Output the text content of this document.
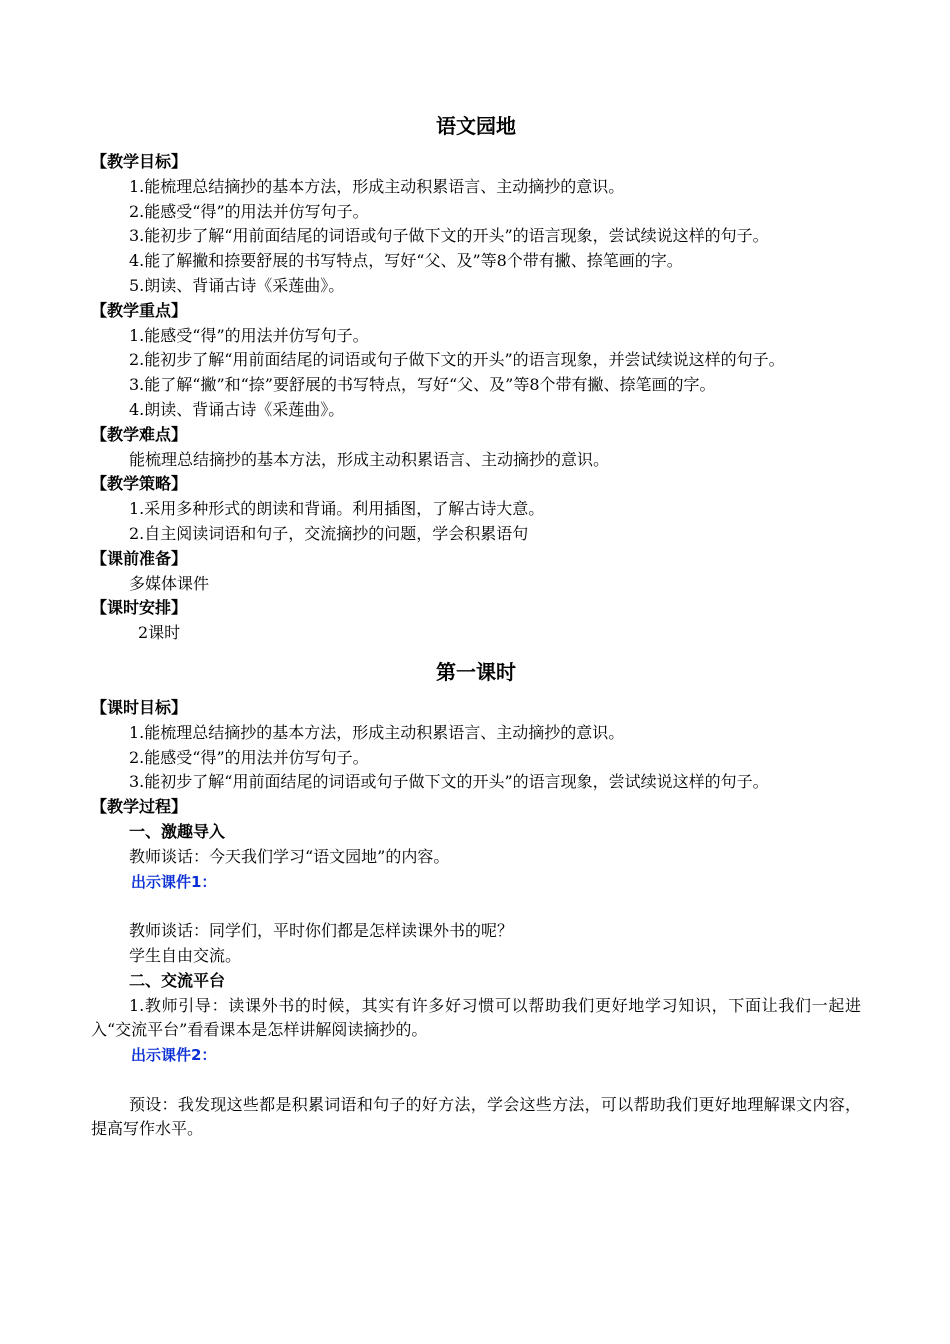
语文园地

【教学目标】

1.能梳理总结摘抄的基本方法，形成主动积累语言、主动摘抄的意识。

2.能感受“得”的用法并仿写句子。

3.能初步了解“用前面结尾的词语或句子做下文的开头”的语言现象，尝试续说这样的句子。

4.能了解撇和捺要舒展的书写特点，写好“父、及”等8个带有撇、捺笔画的字。

5.朗读、背诵古诗《采莲曲》。

【教学重点】

1.能感受“得”的用法并仿写句子。

2.能初步了解“用前面结尾的词语或句子做下文的开头”的语言现象，并尝试续说这样的句子。

3.能了解“撇”和“捺”要舒展的书写特点，写好“父、及”等8个带有撇、捺笔画的字。

4.朗读、背诵古诗《采莲曲》。

【教学难点】

能梳理总结摘抄的基本方法，形成主动积累语言、主动摘抄的意识。

【教学策略】

1.采用多种形式的朗读和背诵。利用插图，了解古诗大意。

2.自主阅读词语和句子，交流摘抄的问题，学会积累语句

【课前准备】

多媒体课件

【课时安排】

2课时

第一课时

【课时目标】

1.能梳理总结摘抄的基本方法，形成主动积累语言、主动摘抄的意识。

2.能感受“得”的用法并仿写句子。

3.能初步了解“用前面结尾的词语或句子做下文的开头”的语言现象，尝试续说这样的句子。

【教学过程】

一、激趣导入

教师谈话：今天我们学习“语文园地”的内容。

出示课件1：

教师谈话：同学们，平时你们都是怎样读课外书的呢？

学生自由交流。

二、交流平台

1.教师引导：读课外书的时候，其实有许多好习惯可以帮助我们更好地学习知识，下面让我们一起进入“交流平台”看看课本是怎样讲解阅读摘抄的。

出示课件2：

预设：我发现这些都是积累词语和句子的好方法，学会这些方法，可以帮助我们更好地理解课文内容，提高写作水平。
